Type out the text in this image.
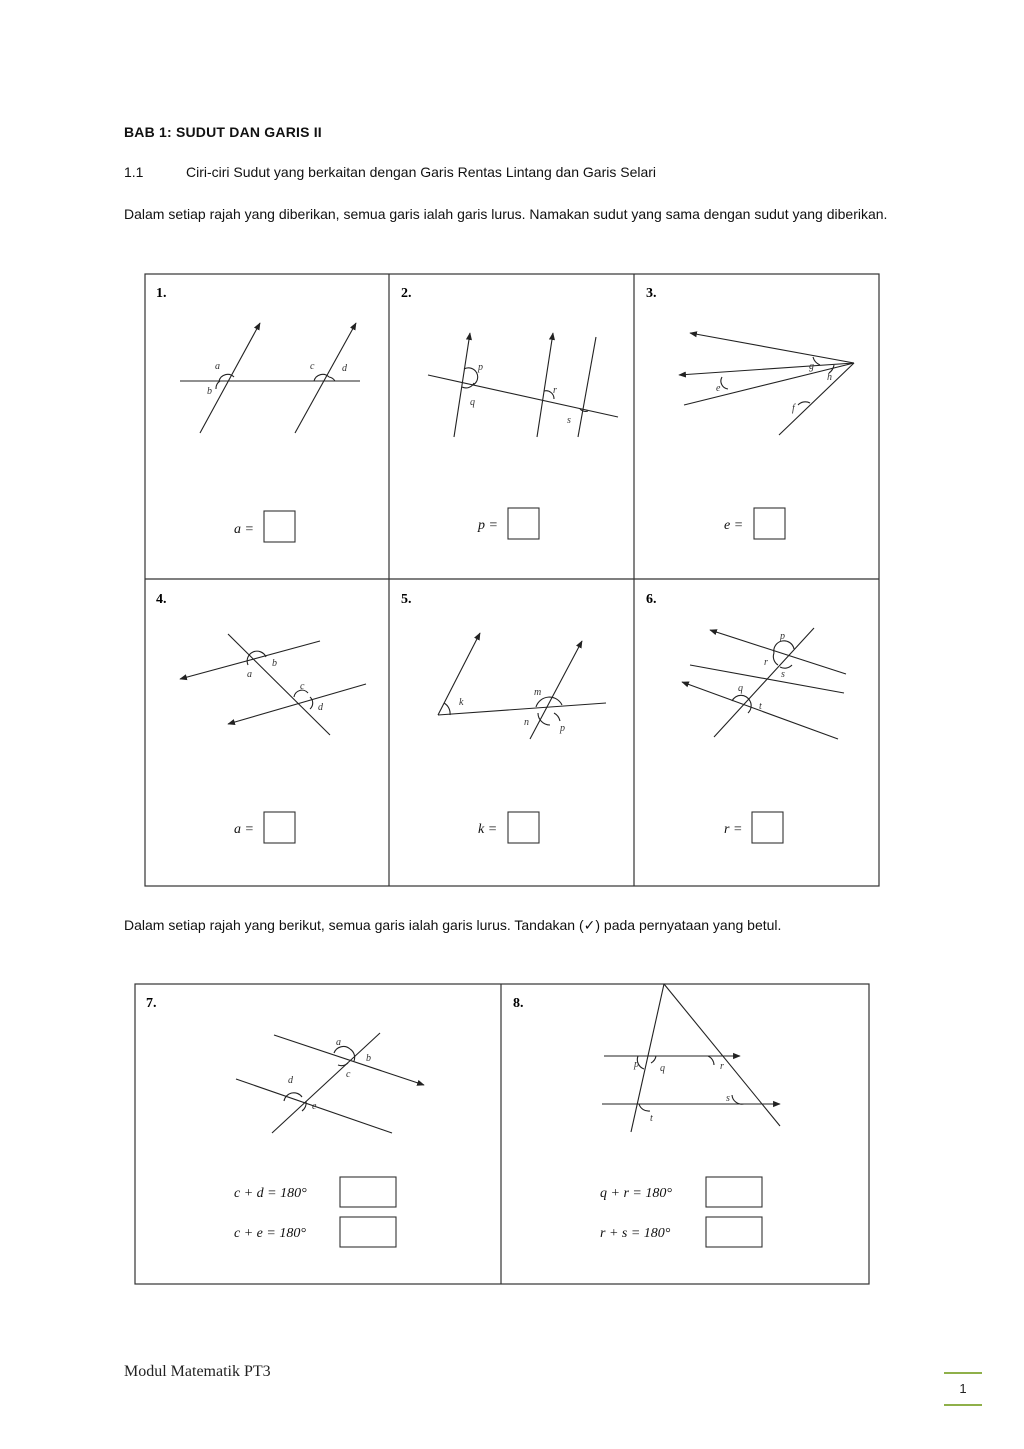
BAB 1: SUDUT DAN GARIS II
1.1	Ciri-ciri Sudut yang berkaitan dengan Garis Rentas Lintang dan Garis Selari
Dalam setiap rajah yang diberikan, semua garis ialah garis lurus. Namakan sudut yang sama dengan sudut yang diberikan.
1.
a
b
c	d
a =
2.
p
q
r
s
p =
3.
g
h
e
f
e =
4.
b
a
c
d
a =
5.
k
m
n
p
k =
6.
p
r
s
q
t
r =
Dalam setiap rajah yang berikut, semua garis ialah garis lurus. Tandakan (✓) pada pernyataan yang betul.
7.
a
b
c
d
e
c + d = 180°
c + e = 180°
8.
p q	r
s
t
q + r = 180°
r + s = 180°
Modul Matematik PT3
1
